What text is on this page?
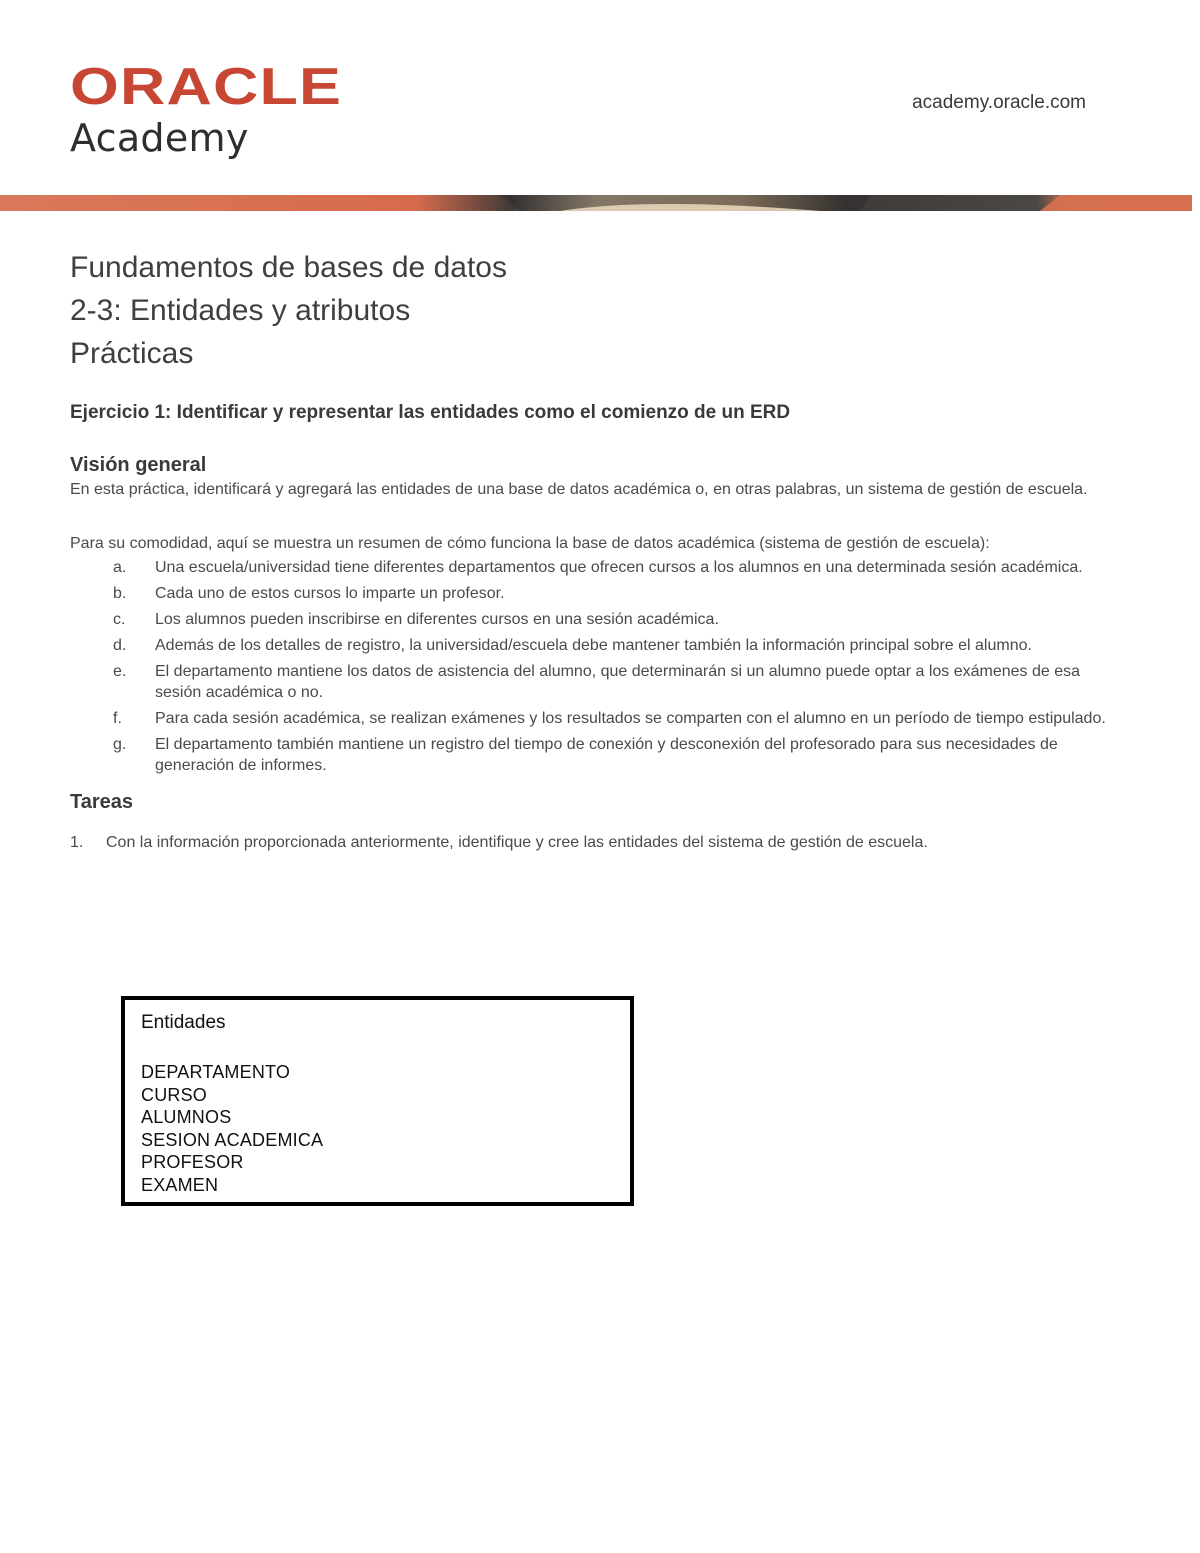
ORACLE
Academy
academy.oracle.com
Fundamentos de bases de datos
2-3: Entidades y atributos
Prácticas
Ejercicio 1: Identificar y representar las entidades como el comienzo de un ERD
Visión general

En esta práctica, identificará y agregará las entidades de una base de datos académica o, en otras palabras, un sistema de gestión de escuela.

Para su comodidad, aquí se muestra un resumen de cómo funciona la base de datos académica (sistema de gestión de escuela):

a. Una escuela/universidad tiene diferentes departamentos que ofrecen cursos a los alumnos en una determinada sesión académica.
b. Cada uno de estos cursos lo imparte un profesor.
c. Los alumnos pueden inscribirse en diferentes cursos en una sesión académica.
d. Además de los detalles de registro, la universidad/escuela debe mantener también la información principal sobre el alumno.
e. El departamento mantiene los datos de asistencia del alumno, que determinarán si un alumno puede optar a los exámenes de esa sesión académica o no.
f. Para cada sesión académica, se realizan exámenes y los resultados se comparten con el alumno en un período de tiempo estipulado.
g. El departamento también mantiene un registro del tiempo de conexión y desconexión del profesorado para sus necesidades de generación de informes.
Tareas
1. Con la información proporcionada anteriormente, identifique y cree las entidades del sistema de gestión de escuela.
Entidades
DEPARTAMENTO
CURSO
ALUMNOS
SESION ACADEMICA
PROFESOR
EXAMEN
